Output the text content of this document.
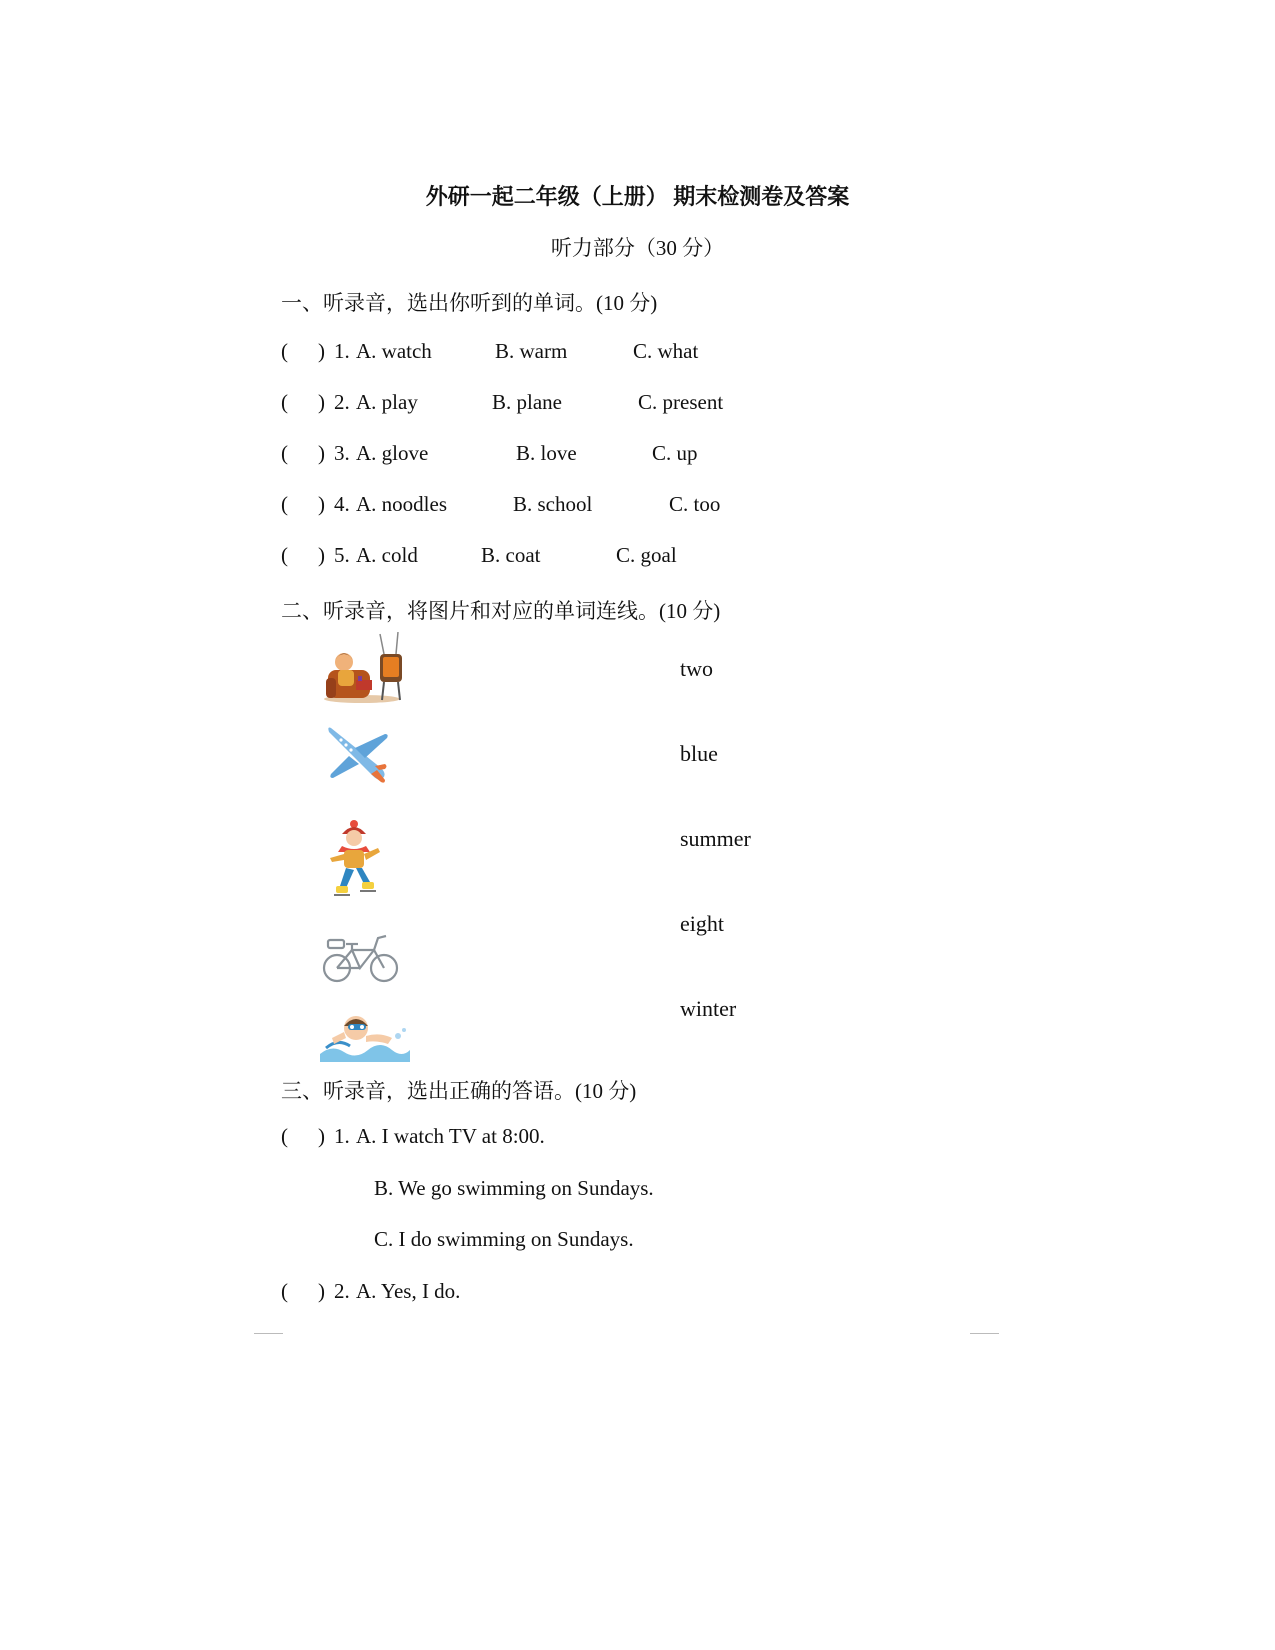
外研一起二年级（上册） 期末检测卷及答案
听力部分（30 分）
一、听录音，选出你听到的单词。(10 分)
( ) 1. A. watch	B. warm	C. what
( ) 2. A. play	B. plane	C. present
( ) 3. A. glove	B. love	C. up
( ) 4. A. noodles	B. school	C. too
( ) 5. A. cold	B. coat	C. goal
二、听录音，将图片和对应的单词连线。(10 分)
two
blue
summer
eight
winter
三、听录音，选出正确的答语。(10 分)
( ) 1. A. I watch TV at 8:00.
B. We go swimming on Sundays.
C. I do swimming on Sundays.
( ) 2. A. Yes, I do.
